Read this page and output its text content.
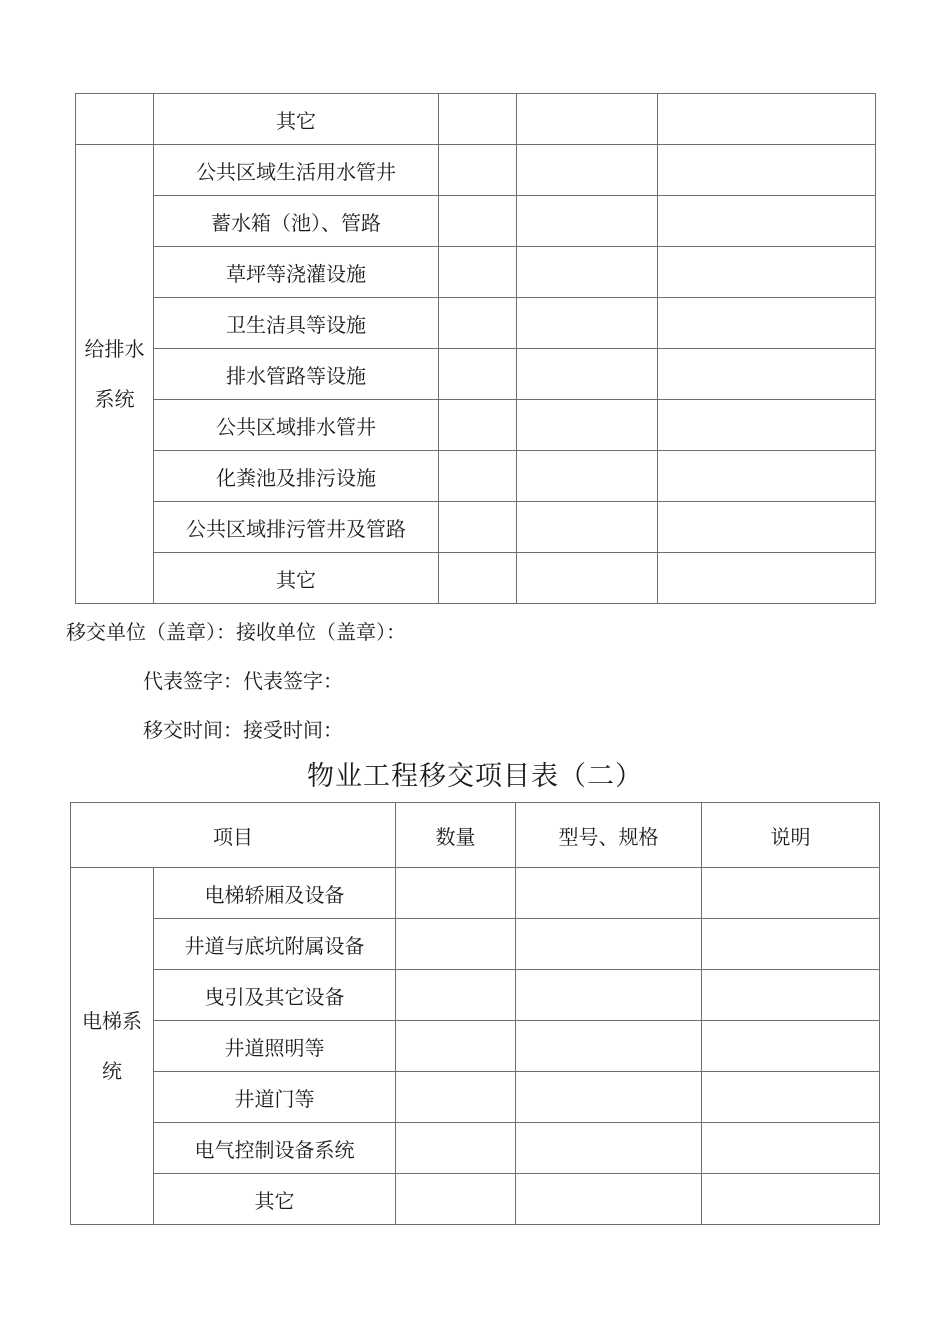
	其它			

给排水
系统	公共区域生活用水管井			
	蓄水箱（池）、管路			
	草坪等浇灌设施			
	卫生洁具等设施			
	排水管路等设施			
	公共区域排水管井			
	化粪池及排污设施			
	公共区域排污管井及管路			
	其它			
移交单位（盖章）：接收单位（盖章）：
代表签字：代表签字：
移交时间：接受时间：
物业工程移交项目表（二）
项目		数量	型号、规格	说明

电梯系
统	电梯轿厢及设备			
	井道与底坑附属设备			
	曳引及其它设备			
	井道照明等			
	井道门等			
	电气控制设备系统			
	其它			
